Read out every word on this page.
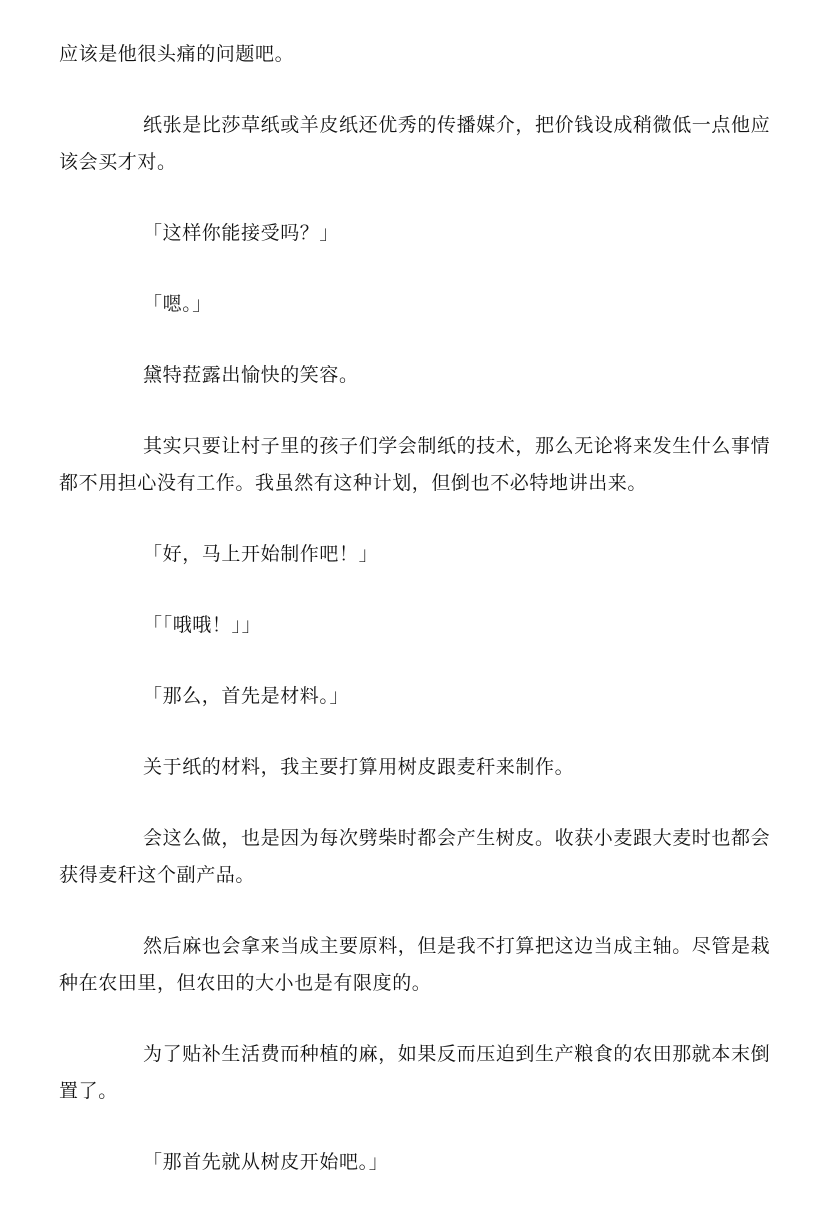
应该是他很头痛的问题吧。

纸张是比莎草纸或羊皮纸还优秀的传播媒介，把价钱设成稍微低一点他应该会买才对。

「这样你能接受吗？」

「嗯。」

黛特菈露出愉快的笑容。

其实只要让村子里的孩子们学会制纸的技术，那么无论将来发生什么事情都不用担心没有工作。我虽然有这种计划，但倒也不必特地讲出来。

「好，马上开始制作吧！」

「「哦哦！」」

「那么，首先是材料。」

关于纸的材料，我主要打算用树皮跟麦秆来制作。

会这么做，也是因为每次劈柴时都会产生树皮。收获小麦跟大麦时也都会获得麦秆这个副产品。

然后麻也会拿来当成主要原料，但是我不打算把这边当成主轴。尽管是栽种在农田里，但农田的大小也是有限度的。

为了贴补生活费而种植的麻，如果反而压迫到生产粮食的农田那就本末倒置了。

「那首先就从树皮开始吧。」
